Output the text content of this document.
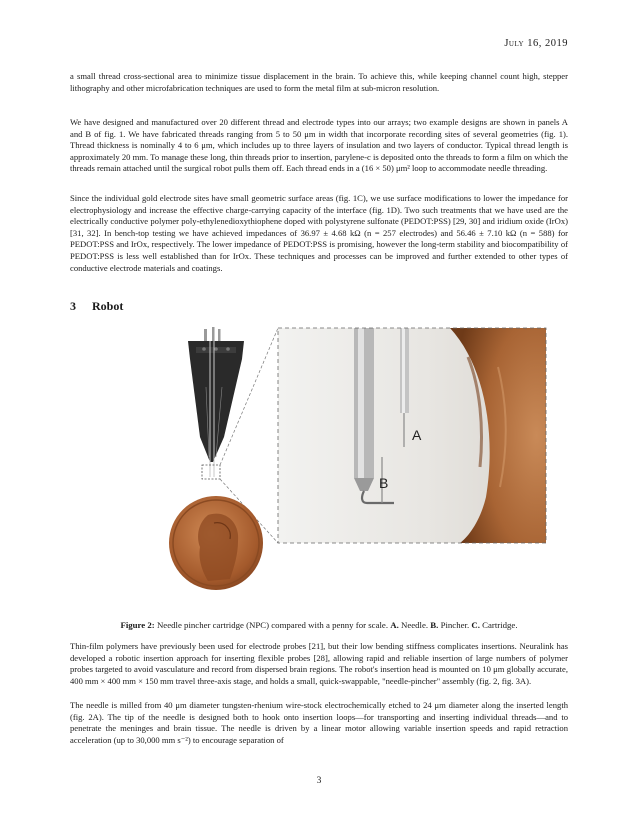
July 16, 2019

a small thread cross-sectional area to minimize tissue displacement in the brain. To achieve this, while keeping channel count high, stepper lithography and other microfabrication techniques are used to form the metal film at sub-micron resolution.

We have designed and manufactured over 20 different thread and electrode types into our arrays; two example designs are shown in panels A and B of fig. 1. We have fabricated threads ranging from 5 to 50 μm in width that incorporate recording sites of several geometries (fig. 1). Thread thickness is nominally 4 to 6 μm, which includes up to three layers of insulation and two layers of conductor. Typical thread length is approximately 20 mm. To manage these long, thin threads prior to insertion, parylene-c is deposited onto the threads to form a film on which the threads remain attached until the surgical robot pulls them off. Each thread ends in a (16 × 50) μm² loop to accommodate needle threading.

Since the individual gold electrode sites have small geometric surface areas (fig. 1C), we use surface modifications to lower the impedance for electrophysiology and increase the effective charge-carrying capacity of the interface (fig. 1D). Two such treatments that we have used are the electrically conductive polymer poly-ethylenedioxythiophene doped with polystyrene sulfonate (PEDOT:PSS) [29, 30] and iridium oxide (IrOx) [31, 32]. In bench-top testing we have achieved impedances of 36.97 ± 4.68 kΩ (n = 257 electrodes) and 56.46 ± 7.10 kΩ (n = 588) for PEDOT:PSS and IrOx, respectively. The lower impedance of PEDOT:PSS is promising, however the long-term stability and biocompatibility of PEDOT:PSS is less well established than for IrOx. These techniques and processes can be improved and further extended to other types of conductive electrode materials and coatings.

3 Robot
C
A
B
Figure 2: Needle pincher cartridge (NPC) compared with a penny for scale. A. Needle. B. Pincher. C. Cartridge.

Thin-film polymers have previously been used for electrode probes [21], but their low bending stiffness complicates insertions. Neuralink has developed a robotic insertion approach for inserting flexible probes [28], allowing rapid and reliable insertion of large numbers of polymer probes targeted to avoid vasculature and record from dispersed brain regions. The robot's insertion head is mounted on 10 μm globally accurate, 400 mm × 400 mm × 150 mm travel three-axis stage, and holds a small, quick-swappable, "needle-pincher" assembly (fig. 2, fig. 3A).

The needle is milled from 40 μm diameter tungsten-rhenium wire-stock electrochemically etched to 24 μm diameter along the inserted length (fig. 2A). The tip of the needle is designed both to hook onto insertion loops—for transporting and inserting individual threads—and to penetrate the meninges and brain tissue. The needle is driven by a linear motor allowing variable insertion speeds and rapid retraction acceleration (up to 30,000 mm s⁻²) to encourage separation of

3
